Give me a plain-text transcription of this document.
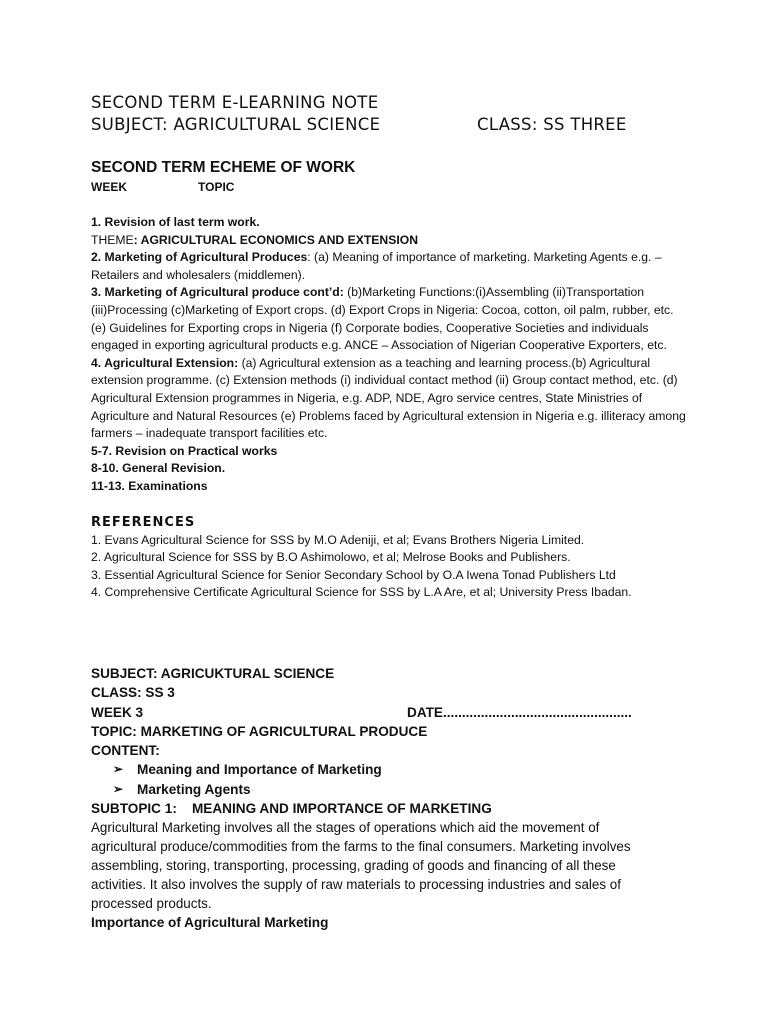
SECOND TERM E-LEARNING NOTE
SUBJECT: AGRICULTURAL SCIENCE	CLASS: SS THREE
SECOND TERM ECHEME OF WORK
WEEK	TOPIC

1. Revision of last term work.

THEME: AGRICULTURAL ECONOMICS AND EXTENSION

2. Marketing of Agricultural Produces: (a) Meaning of importance of marketing. Marketing Agents e.g. – Retailers and wholesalers (middlemen).

3. Marketing of Agricultural produce cont’d: (b)Marketing Functions:(i)Assembling (ii)Transportation (iii)Processing (c)Marketing of Export crops. (d) Export Crops in Nigeria: Cocoa, cotton, oil palm, rubber, etc. (e) Guidelines for Exporting crops in Nigeria (f) Corporate bodies, Cooperative Societies and individuals engaged in exporting agricultural products e.g. ANCE – Association of Nigerian Cooperative Exporters, etc.

4. Agricultural Extension: (a) Agricultural extension as a teaching and learning process.(b) Agricultural extension programme. (c) Extension methods (i) individual contact method (ii) Group contact method, etc. (d) Agricultural Extension programmes in Nigeria, e.g. ADP, NDE, Agro service centres, State Ministries of Agriculture and Natural Resources (e) Problems faced by Agricultural extension in Nigeria e.g. illiteracy among farmers – inadequate transport facilities etc.

5-7. Revision on Practical works

8-10. General Revision.

11-13. Examinations

REFERENCES

1. Evans Agricultural Science for SSS by M.O Adeniji, et al; Evans Brothers Nigeria Limited.

2. Agricultural Science for SSS by B.O Ashimolowo, et al; Melrose Books and Publishers.

3. Essential Agricultural Science for Senior Secondary School by O.A Iwena Tonad Publishers Ltd

4. Comprehensive Certificate Agricultural Science for SSS by L.A Are, et al; University Press Ibadan.

SUBJECT: AGRICUKTURAL SCIENCE

CLASS: SS 3

WEEK 3	DATE..................................................

TOPIC: MARKETING OF AGRICULTURAL PRODUCE

CONTENT:

➢	Meaning and Importance of Marketing
➢	Marketing Agents

SUBTOPIC 1:    MEANING AND IMPORTANCE OF MARKETING

Agricultural Marketing involves all the stages of operations which aid the movement of agricultural produce/commodities from the farms to the final consumers. Marketing involves assembling, storing, transporting, processing, grading of goods and financing of all these activities. It also involves the supply of raw materials to processing industries and sales of processed products.

Importance of Agricultural Marketing
